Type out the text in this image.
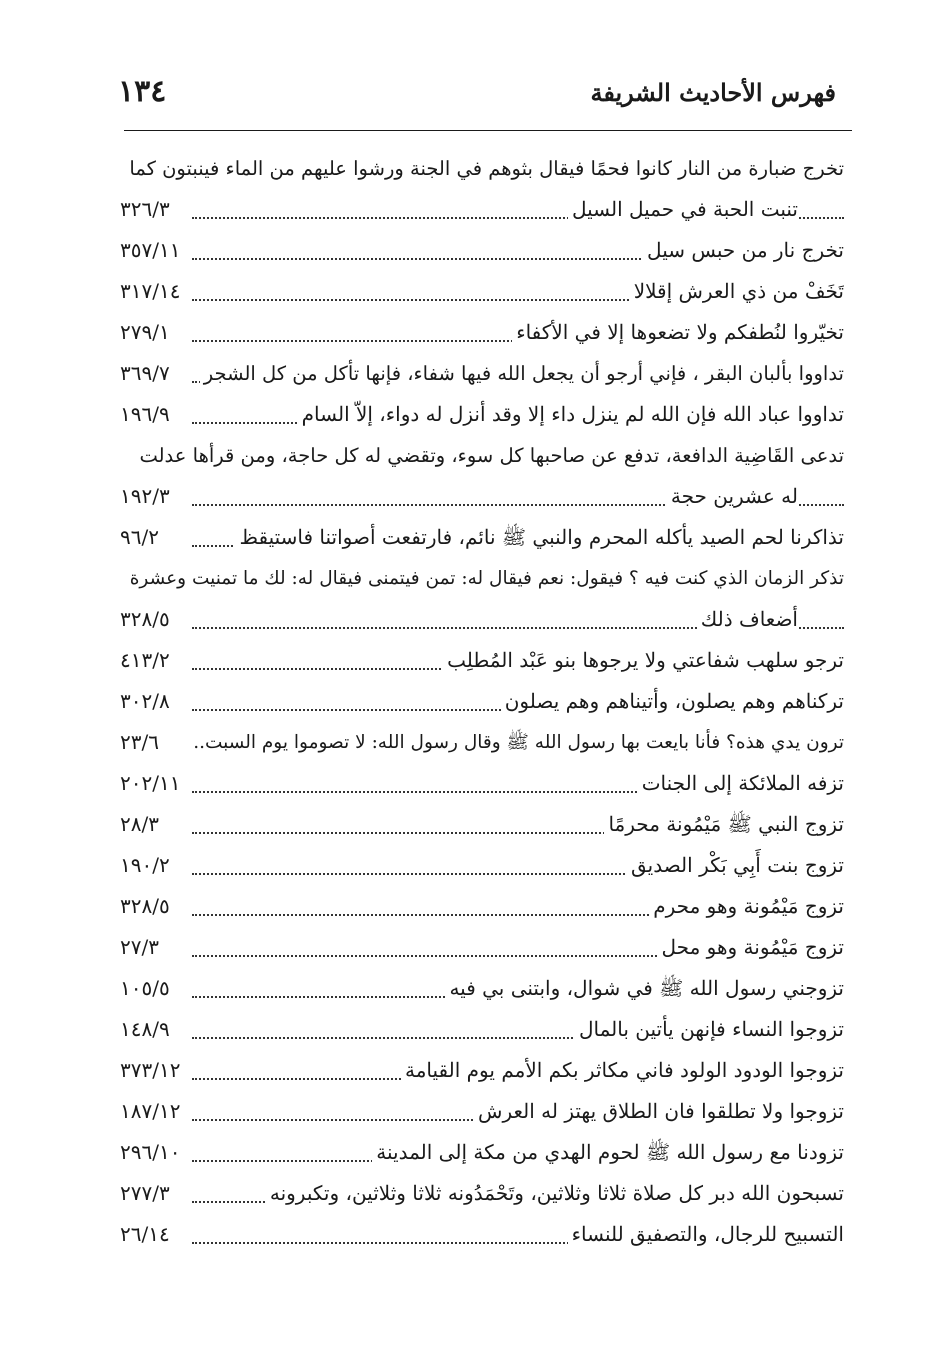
١٣٤	فهرس الأحاديث الشريفة
تخرج ضبارة من النار كانوا فحمًا فيقال بثوهم في الجنة ورشوا عليهم من الماء فينبتون كما
تنبت الحبة في حميل السيل
٣٢٦/٣
تخرج نار من حبس سيل
٣٥٧/١١
تَخَفْ من ذي العرش إقلالا
٣١٧/١٤
تخيّروا لنُطفكم ولا تضعوها إلا في الأكفاء
٢٧٩/١
تداووا بألبان البقر ، فإني أرجو أن يجعل الله فيها شفاء، فإنها تأكل من كل الشجر
٣٦٩/٧
تداووا عباد الله فإن الله لم ينزل داء إلا وقد أنزل له دواء، إلاّ السام
١٩٦/٩
تدعى القَاضِية الدافعة، تدفع عن صاحبها كل سوء، وتقضي له كل حاجة، ومن قرأها عدلت
له عشرين حجة
١٩٢/٣
تذاكرنا لحم الصيد يأكله المحرم والنبي ﷺ نائم، فارتفعت أصواتنا فاستيقظ
٩٦/٢
تذكر الزمان الذي كنت فيه ؟ فيقول: نعم فيقال له: تمن فيتمنى فيقال له: لك ما تمنيت وعشرة
أضعاف ذلك
٣٢٨/٥
ترجو سلهب شفاعتي ولا يرجوها بنو عَبْد المُطلِب
٤١٣/٢
تركناهم وهم يصلون، وأتيناهم وهم يصلون
٣٠٢/٨
ترون يدي هذه؟ فأنا بايعت بها رسول الله ﷺ وقال رسول الله: لا تصوموا يوم السبت..
٢٣/٦
تزفه الملائكة إلى الجنات
٢٠٢/١١
تزوج النبي ﷺ مَيْمُونة محرمًا
٢٨/٣
تزوج بنت أَبِي بَكْر الصديق
١٩٠/٢
تزوج مَيْمُونة وهو محرم
٣٢٨/٥
تزوج مَيْمُونة وهو محل
٢٧/٣
تزوجني رسول الله ﷺ في شوال، وابتنى بي فيه
١٠٥/٥
تزوجوا النساء فإنهن يأتين بالمال
١٤٨/٩
تزوجوا الودود الولود فاني مكاثر بكم الأمم يوم القيامة
٣٧٣/١٢
تزوجوا ولا تطلقوا فان الطلاق يهتز له العرش
١٨٧/١٢
تزودنا مع رسول الله ﷺ لحوم الهدي من مكة إلى المدينة
٢٩٦/١٠
تسبحون الله دبر كل صلاة ثلاثا وثلاثين، وتَحْمَدُونه ثلاثا وثلاثين، وتكبرونه
٢٧٧/٣
التسبيح للرجال، والتصفيق للنساء
٢٦/١٤
